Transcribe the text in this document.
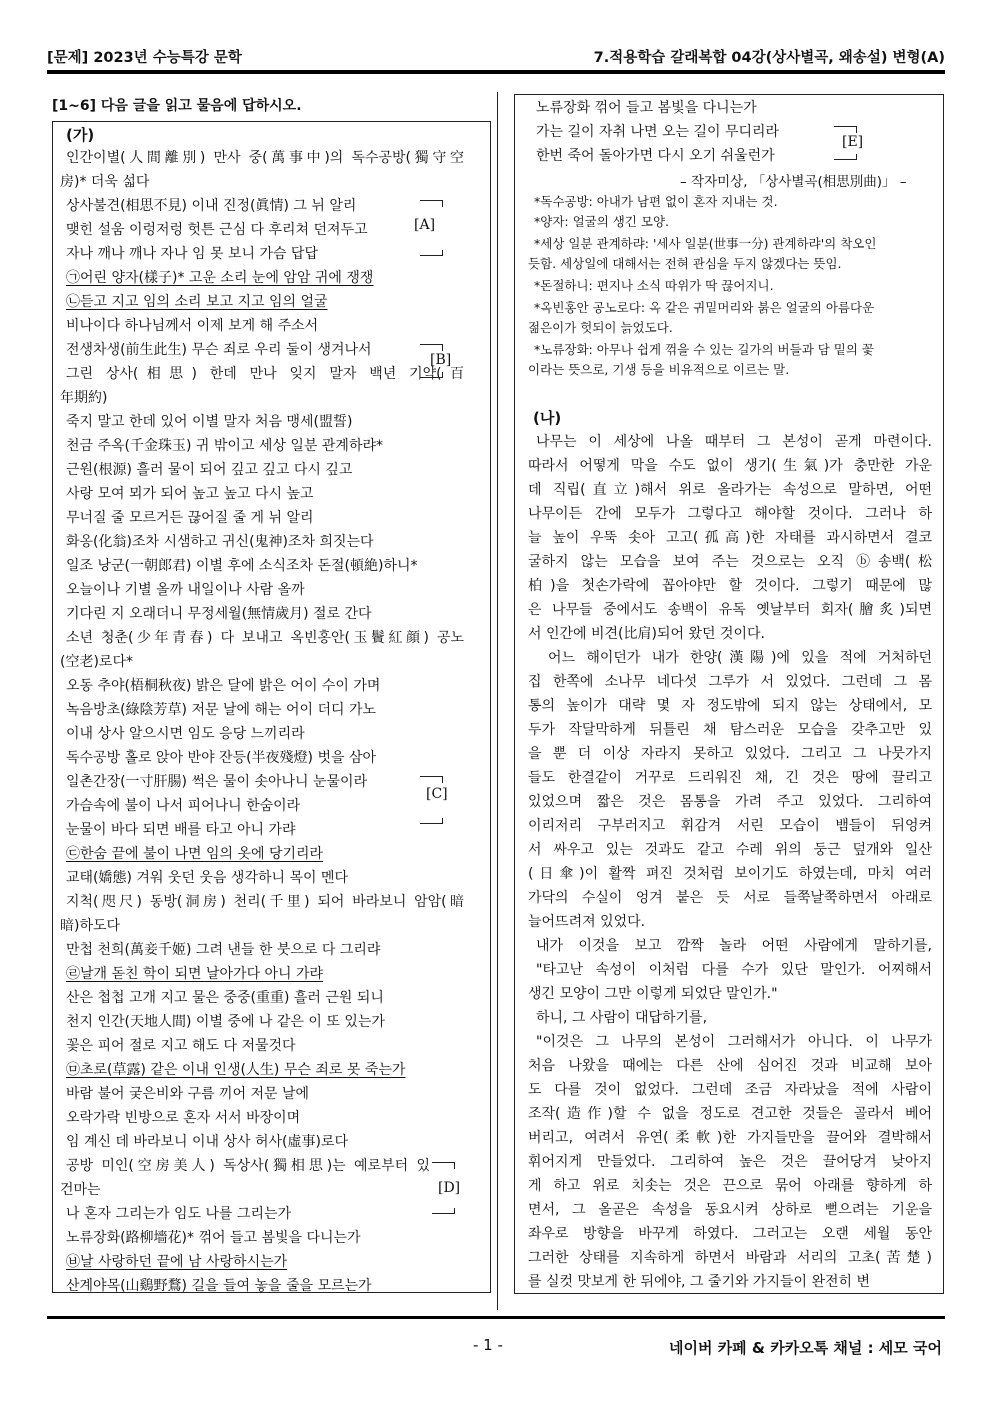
[문제] 2023년 수능특강 문학	7.적용학습 갈래복합 04강(상사별곡, 왜송설) 변형(A)
[1~6] 다음 글을 읽고 물음에 답하시오.
(가)
인간이별(人間離別) 만사 중(萬事中)의 독수공방(獨守空
房)* 더욱 섧다
상사불견(相思不見) 이내 진정(眞情) 그 뉘 알리
맺힌 설움 이렁저렁 헛튼 근심 다 후리쳐 던져두고
자나 깨나 깨나 자나 임 못 보니 가슴 답답
㉠어린 양자(樣子)* 고운 소리 눈에 암암 귀에 쟁쟁
㉡듣고 지고 임의 소리 보고 지고 임의 얼굴
비나이다 하나님께서 이제 보게 해 주소서
전생차생(前生此生) 무슨 죄로 우리 둘이 생겨나서
그린 상사(相思) 한데 만나 잊지 말자 백년 기약(百
年期約)
죽지 말고 한데 있어 이별 말자 처음 맹세(盟誓)
천금 주옥(千金珠玉) 귀 밖이고 세상 일분 관계하랴*
근원(根源) 흘러 물이 되어 깊고 깊고 다시 깊고
사랑 모여 뫼가 되어 높고 높고 다시 높고
무너질 줄 모르거든 끊어질 줄 게 뉘 알리
화옹(化翁)조차 시샘하고 귀신(鬼神)조차 희짓는다
일조 낭군(一朝郎君) 이별 후에 소식조차 돈절(頓絶)하니*
오늘이나 기별 올까 내일이나 사람 올까
기다린 지 오래더니 무정세월(無情歲月) 절로 간다
소년 청춘(少年青春) 다 보내고 옥빈홍안(玉鬢紅顔) 공노
(空老)로다*
오동 추야(梧桐秋夜) 밝은 달에 밝은 어이 수이 가며
녹음방초(綠陰芳草) 저문 날에 해는 어이 더디 가노
이내 상사 알으시면 임도 응당 느끼리라
독수공방 홀로 앉아 반야 잔등(半夜殘燈) 벗을 삼아
일촌간장(一寸肝腸) 썩은 물이 솟아나니 눈물이라
가슴속에 불이 나서 피어나니 한숨이라
눈물이 바다 되면 배를 타고 아니 가랴
㉢한숨 끝에 불이 나면 임의 옷에 당기리라
교태(嬌態) 겨워 웃던 웃음 생각하니 목이 멘다
지척(咫尺) 동방(洞房) 천리(千里) 되어 바라보니 암암(暗
暗)하도다
만첩 천희(萬妾千姬) 그려 낸들 한 붓으로 다 그리랴
㉣날개 돋친 학이 되면 날아가다 아니 가랴
산은 첩첩 고개 지고 물은 중중(重重) 흘러 근원 되니
천지 인간(天地人間) 이별 중에 나 같은 이 또 있는가
꽃은 피어 절로 지고 해도 다 저물것다
㉤초로(草露) 같은 이내 인생(人生) 무슨 죄로 못 죽는가
바람 불어 궂은비와 구름 끼어 저문 날에
오락가락 빈방으로 혼자 서서 바장이며
임 계신 데 바라보니 이내 상사 허사(虛事)로다
공방 미인(空房美人) 독상사(獨相思)는 예로부터 있
건마는
나 혼자 그리는가 임도 나를 그리는가
노류장화(路柳墻花)* 꺾어 들고 봄빛을 다니는가
㉥날 사랑하던 끝에 남 사랑하시는가
산계야목(山鷄野鶩) 길을 들여 놓을 줄을 모르는가
[A]
[B]
[C]
[D]
노류장화 꺾어 들고 봄빛을 다니는가
가는 길이 자취 나면 오는 길이 무디리라
한번 죽어 돌아가면 다시 오기 쉬울런가
[E]
– 작자미상, 「상사별곡(相思別曲)」 –
*독수공방: 아내가 남편 없이 혼자 지내는 것.
*양자: 얼굴의 생긴 모양.
*세상 일분 관계하랴: '세사 일분(世事一分) 관계하랴'의 착오인
듯함. 세상일에 대해서는 전혀 관심을 두지 않겠다는 뜻임.
*돈절하니: 편지나 소식 따위가 딱 끊어지니.
*옥빈홍안 공노로다: 옥 같은 귀밑머리와 붉은 얼굴의 아름다운
젊은이가 헛되이 늙었도다.
*노류장화: 아무나 쉽게 꺾을 수 있는 길가의 버들과 담 밑의 꽃
이라는 뜻으로, 기생 등을 비유적으로 이르는 말.
(나)
나무는 이 세상에 나올 때부터 그 본성이 곧게 마련이다.
따라서 어떻게 막을 수도 없이 생기(生氣)가 충만한 가운
데 직립(直立)해서 위로 올라가는 속성으로 말하면, 어떤
나무이든 간에 모두가 그렇다고 해야할 것이다. 그러나 하
늘 높이 우뚝 솟아 고고(孤高)한 자태를 과시하면서 결코
굴하지 않는 모습을 보여 주는 것으로는 오직 ⓑ송백(松
柏)을 첫손가락에 꼽아야만 할 것이다. 그렇기 때문에 많
은 나무들 중에서도 송백이 유독 옛날부터 회자(膾炙)되면
서 인간에 비견(比肩)되어 왔던 것이다.
어느 해이던가 내가 한양(漢陽)에 있을 적에 거처하던
집 한쪽에 소나무 네다섯 그루가 서 있었다. 그런데 그 몸
통의 높이가 대략 몇 자 정도밖에 되지 않는 상태에서, 모
두가 작달막하게 뒤틀린 채 탐스러운 모습을 갖추고만 있
을 뿐 더 이상 자라지 못하고 있었다. 그리고 그 나뭇가지
들도 한결같이 거꾸로 드리워진 채, 긴 것은 땅에 끌리고
있었으며 짧은 것은 몸통을 가려 주고 있었다. 그리하여
이리저리 구부러지고 휘감겨 서린 모습이 뱀들이 뒤엉켜
서 싸우고 있는 것과도 같고 수레 위의 둥근 덮개와 일산
(日傘)이 활짝 펴진 것처럼 보이기도 하였는데, 마치 여러
가닥의 수실이 엉겨 붙은 듯 서로 들쭉날쭉하면서 아래로
늘어뜨려져 있었다.
내가 이것을 보고 깜짝 놀라 어떤 사람에게 말하기를,
"타고난 속성이 이처럼 다를 수가 있단 말인가. 어찌해서
생긴 모양이 그만 이렇게 되었단 말인가."
하니, 그 사람이 대답하기를,
"이것은 그 나무의 본성이 그러해서가 아니다. 이 나무가
처음 나왔을 때에는 다른 산에 심어진 것과 비교해 보아
도 다를 것이 없었다. 그런데 조금 자라났을 적에 사람이
조작(造作)할 수 없을 정도로 견고한 것들은 골라서 베어
버리고, 여려서 유연(柔軟)한 가지들만을 끌어와 결박해서
휘어지게 만들었다. 그리하여 높은 것은 끌어당겨 낮아지
게 하고 위로 치솟는 것은 끈으로 묶어 아래를 향하게 하
면서, 그 올곧은 속성을 동요시켜 상하로 뻗으려는 기운을
좌우로 방향을 바꾸게 하였다. 그러고는 오랜 세월 동안
그러한 상태를 지속하게 하면서 바람과 서리의 고초(苦楚)
를 실컷 맛보게 한 뒤에야, 그 줄기와 가지들이 완전히 변
- 1 -	네이버 카페 & 카카오톡 채널 : 세모 국어
